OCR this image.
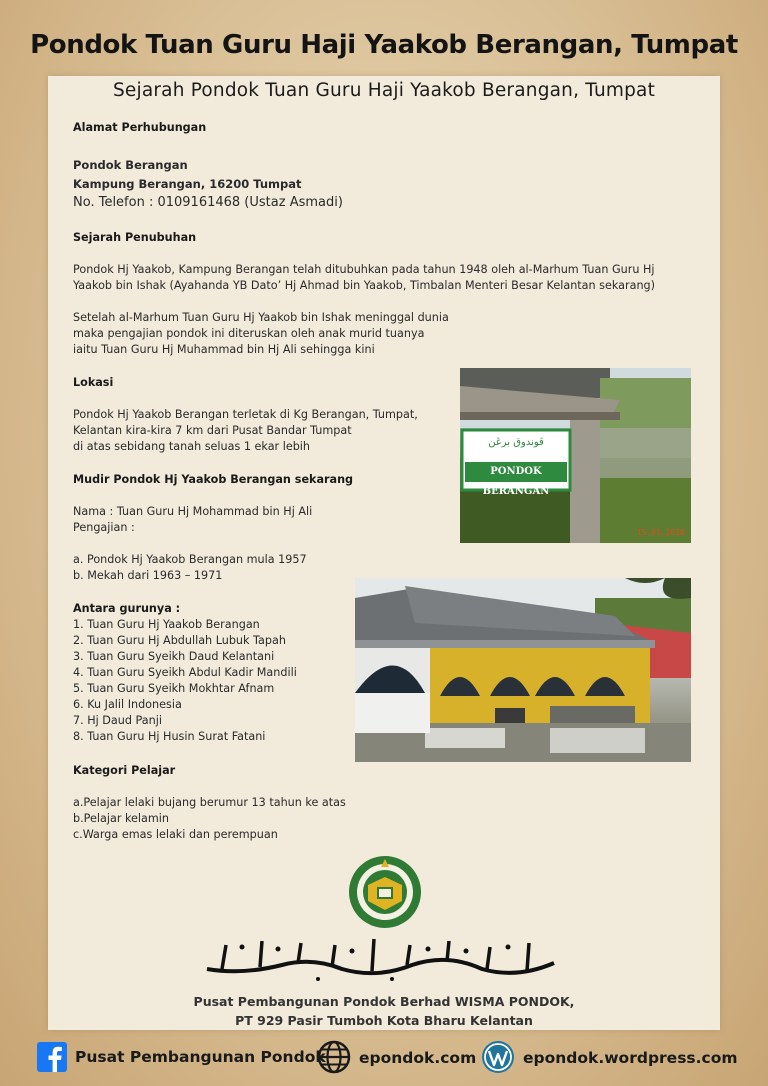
Pondok Tuan Guru Haji Yaakob Berangan, Tumpat
Sejarah Pondok Tuan Guru Haji Yaakob Berangan, Tumpat
Alamat Perhubungan
Pondok Berangan
Kampung Berangan, 16200 Tumpat
No. Telefon : 0109161468 (Ustaz Asmadi)
Sejarah Penubuhan
Pondok Hj Yaakob, Kampung Berangan telah ditubuhkan pada tahun 1948 oleh al-Marhum Tuan Guru Hj
Yaakob bin Ishak (Ayahanda YB Dato’ Hj Ahmad bin Yaakob, Timbalan Menteri Besar Kelantan sekarang)
Setelah al-Marhum Tuan Guru Hj Yaakob bin Ishak meninggal dunia
maka pengajian pondok ini diteruskan oleh anak murid tuanya
iaitu Tuan Guru Hj Muhammad bin Hj Ali sehingga kini
Lokasi
Pondok Hj Yaakob Berangan terletak di Kg Berangan, Tumpat,
Kelantan kira-kira 7 km dari Pusat Bandar Tumpat
di atas sebidang tanah seluas 1 ekar lebih
Mudir Pondok Hj Yaakob Berangan sekarang
Nama : Tuan Guru Hj Mohammad bin Hj Ali
Pengajian :
a. Pondok Hj Yaakob Berangan mula 1957
b. Mekah dari 1963 – 1971
Antara gurunya :
1. Tuan Guru Hj Yaakob Berangan
2. Tuan Guru Hj Abdullah Lubuk Tapah
3. Tuan Guru Syeikh Daud Kelantani
4. Tuan Guru Syeikh Abdul Kadir Mandili
5. Tuan Guru Syeikh Mokhtar Afnam
6. Ku Jalil Indonesia
7. Hj Daud Panji
8. Tuan Guru Hj Husin Surat Fatani
Kategori Pelajar
a.Pelajar lelaki bujang berumur 13 tahun ke atas
b.Pelajar kelamin
c.Warga emas lelaki dan perempuan
ڤوندوق برڠن
PONDOK BERANGAN
15.01.2010
Pusat Pembangunan Pondok Berhad WISMA PONDOK,
PT 929 Pasir Tumboh Kota Bharu Kelantan
Pusat Pembangunan Pondok epondok.com	epondok.wordpress.com
